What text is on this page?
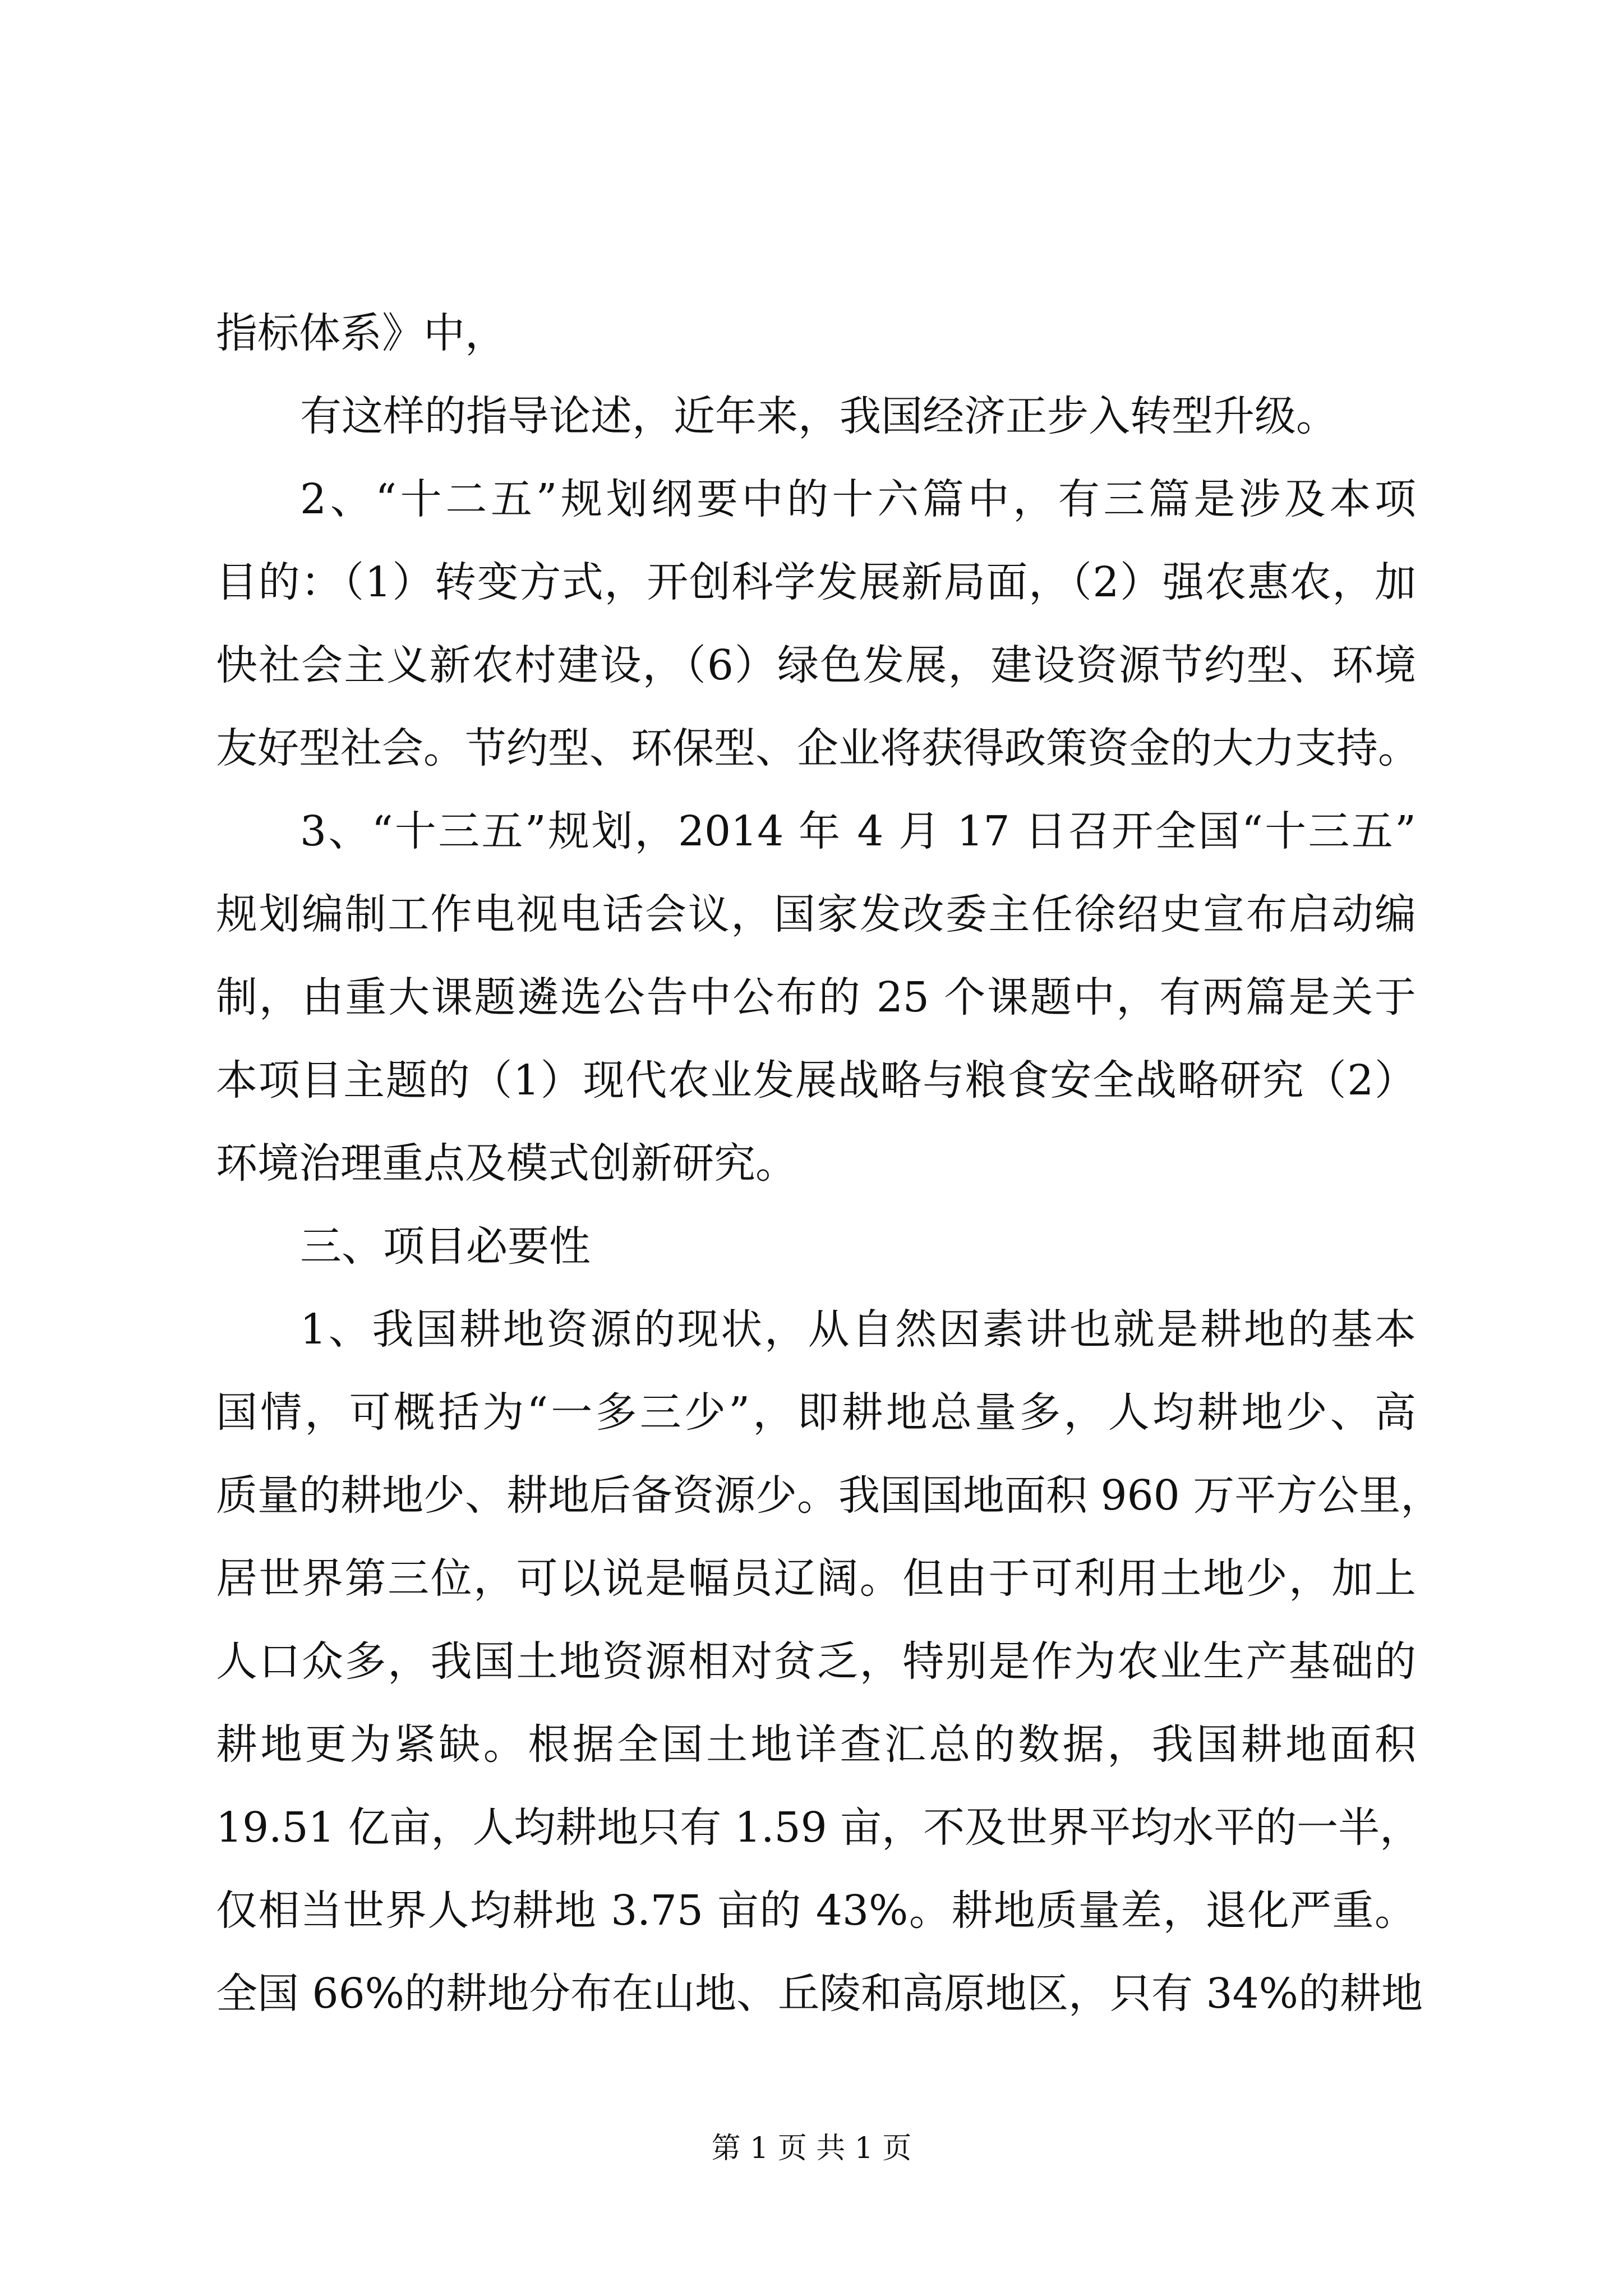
指标体系》中，
有这样的指导论述，近年来，我国经济正步入转型升级。
2、“十二五”规划纲要中的十六篇中，有三篇是涉及本项
目的：（1）转变方式，开创科学发展新局面，（2）强农惠农，加
快社会主义新农村建设，（6）绿色发展，建设资源节约型、环境
友好型社会。节约型、环保型、企业将获得政策资金的大力支持。
3、“十三五”规划，2014 年 4 月 17 日召开全国“十三五”
规划编制工作电视电话会议，国家发改委主任徐绍史宣布启动编
制，由重大课题遴选公告中公布的 25 个课题中，有两篇是关于
本项目主题的（1）现代农业发展战略与粮食安全战略研究（2）
环境治理重点及模式创新研究。
三、项目必要性
1、我国耕地资源的现状，从自然因素讲也就是耕地的基本
国情，可概括为“一多三少”，即耕地总量多，人均耕地少、高
质量的耕地少、耕地后备资源少。我国国地面积 960 万平方公里，
居世界第三位，可以说是幅员辽阔。但由于可利用土地少，加上
人口众多，我国土地资源相对贫乏，特别是作为农业生产基础的
耕地更为紧缺。根据全国土地详查汇总的数据，我国耕地面积
19.51 亿亩，人均耕地只有 1.59 亩，不及世界平均水平的一半，
仅相当世界人均耕地 3.75 亩的 43%。耕地质量差，退化严重。
全国 66%的耕地分布在山地、丘陵和高原地区，只有 34%的耕地
第 1 页 共 1 页
